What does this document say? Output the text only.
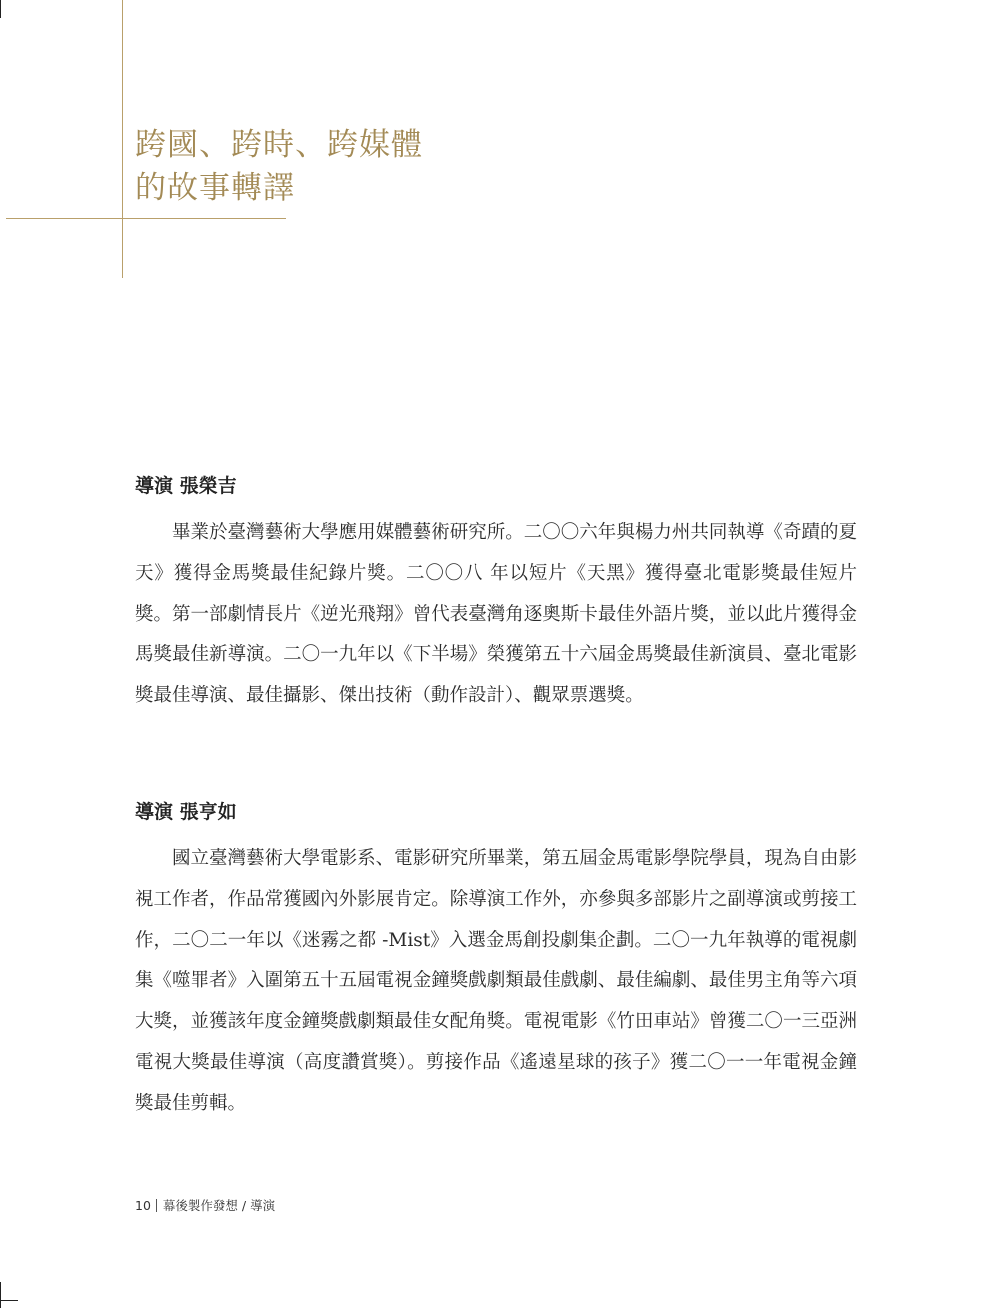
跨國、跨時、跨媒體
的故事轉譯
導演 張榮吉

畢業於臺灣藝術大學應用媒體藝術研究所。二〇〇六年與楊力州共同執導《奇蹟的夏天》獲得金馬獎最佳紀錄片獎。二〇〇八 年以短片《天黑》獲得臺北電影獎最佳短片獎。第一部劇情長片《逆光飛翔》曾代表臺灣角逐奧斯卡最佳外語片獎，並以此片獲得金馬獎最佳新導演。二〇一九年以《下半場》榮獲第五十六屆金馬獎最佳新演員、臺北電影獎最佳導演、最佳攝影、傑出技術（動作設計）、觀眾票選獎。

導演 張亨如

國立臺灣藝術大學電影系、電影研究所畢業，第五屆金馬電影學院學員，現為自由影視工作者，作品常獲國內外影展肯定。除導演工作外，亦參與多部影片之副導演或剪接工作，二〇二一年以《迷霧之都 -Mist》入選金馬創投劇集企劃。二〇一九年執導的電視劇集《噬罪者》入圍第五十五屆電視金鐘獎戲劇類最佳戲劇、最佳編劇、最佳男主角等六項大獎，並獲該年度金鐘獎戲劇類最佳女配角獎。電視電影《竹田車站》曾獲二〇一三亞洲電視大獎最佳導演（高度讚賞獎）。剪接作品《遙遠星球的孩子》獲二〇一一年電視金鐘獎最佳剪輯。

10 幕後製作發想 / 導演
